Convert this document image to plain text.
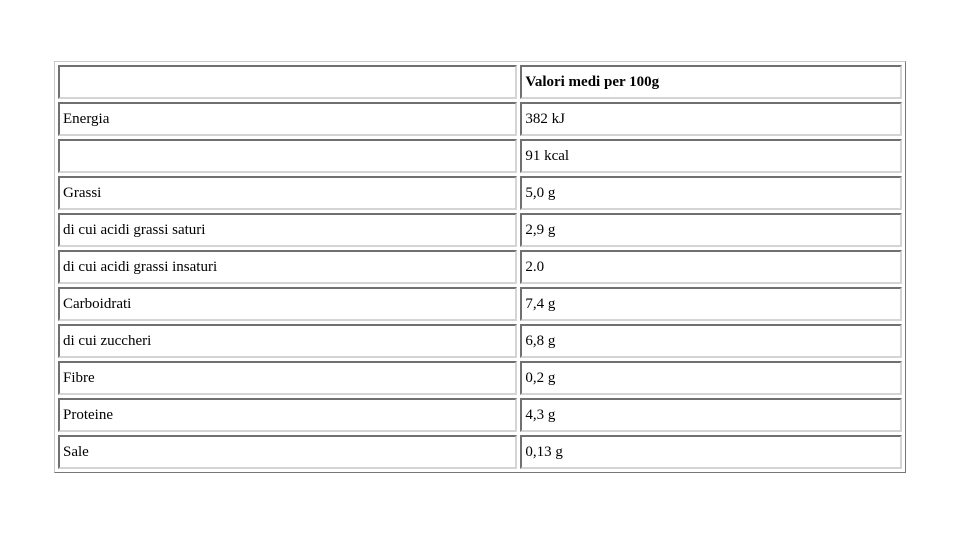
	Valori medi per 100g
Energia	382 kJ
	91 kcal
Grassi	5,0 g
di cui acidi grassi saturi	2,9 g
di cui acidi grassi insaturi	2.0
Carboidrati	7,4 g
di cui zuccheri	6,8 g
Fibre	0,2 g
Proteine	4,3 g
Sale	0,13 g
